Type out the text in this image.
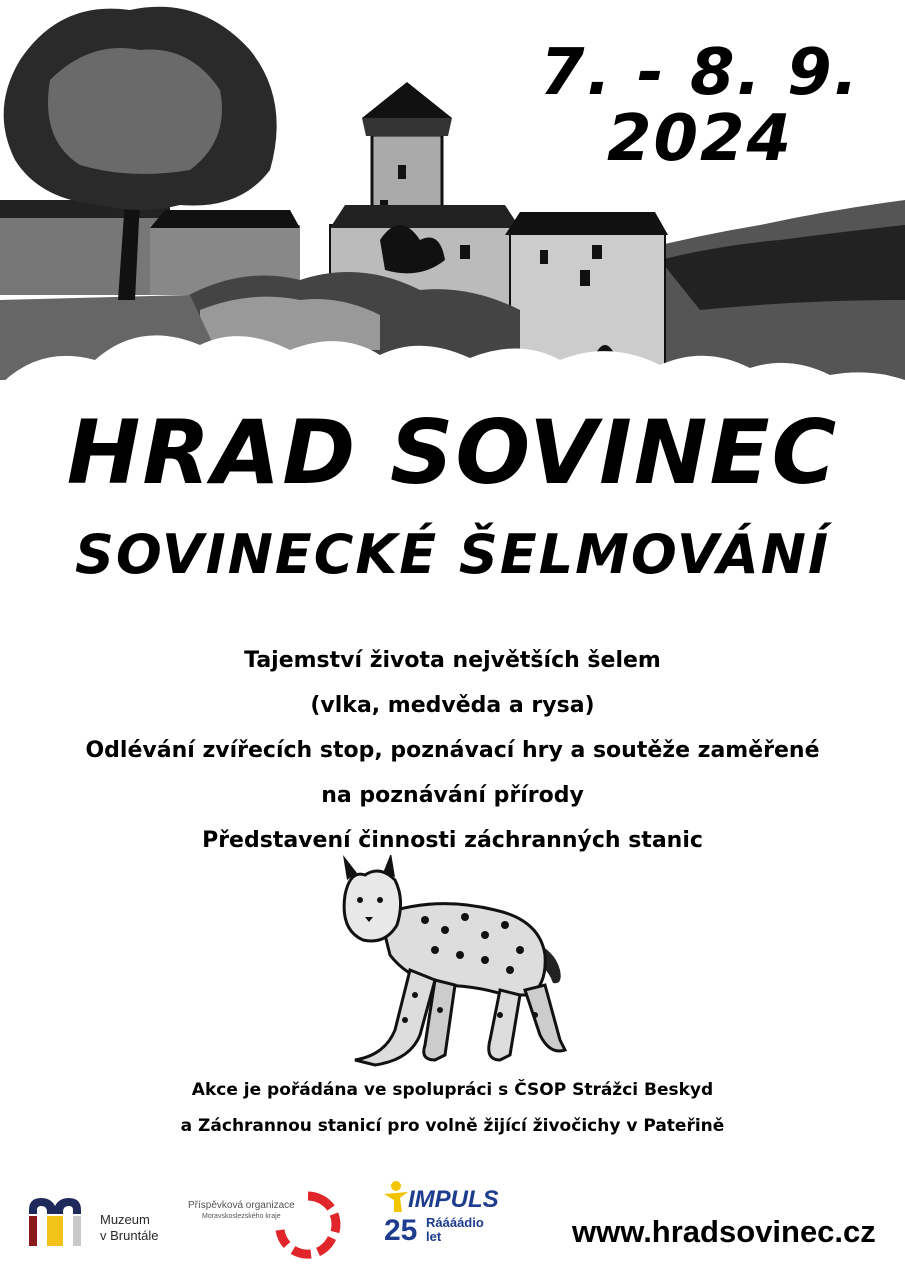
7. - 8. 9.
2024
HRAD SOVINEC
SOVINECKÉ ŠELMOVÁNÍ
Tajemství života největších šelem
(vlka, medvěda a rysa)
Odlévání zvířecích stop, poznávací hry a soutěže zaměřené
na poznávání přírody
Představení činnosti záchranných stanic
Akce je pořádána ve spolupráci s ČSOP Strážci Beskyd
a Záchrannou stanicí pro volně žijící živočichy v Pateřině
Muzeum
v Bruntále
Příspěvková organizace
Moravskoslezského kraje
IMPULS
25 Ráááádio
let	www.hradsovinec.cz
